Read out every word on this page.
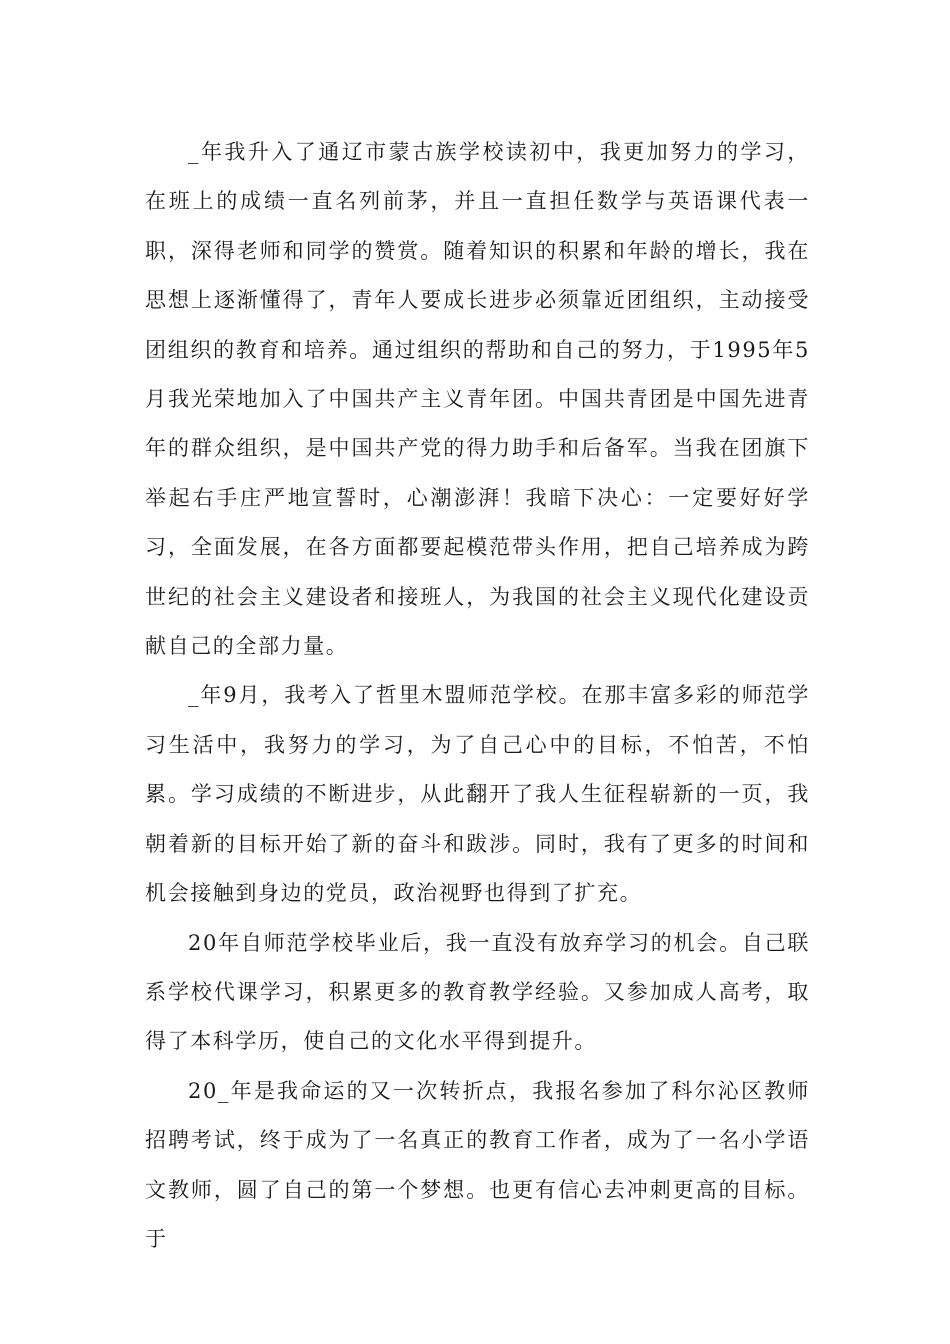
_年我升入了通辽市蒙古族学校读初中，我更加努力的学习，在班上的成绩一直名列前茅，并且一直担任数学与英语课代表一职，深得老师和同学的赞赏。随着知识的积累和年龄的增长，我在思想上逐渐懂得了，青年人要成长进步必须靠近团组织，主动接受团组织的教育和培养。通过组织的帮助和自己的努力，于1995年5月我光荣地加入了中国共产主义青年团。中国共青团是中国先进青年的群众组织，是中国共产党的得力助手和后备军。当我在团旗下举起右手庄严地宣誓时，心潮澎湃！我暗下决心：一定要好好学习，全面发展，在各方面都要起模范带头作用，把自己培养成为跨世纪的社会主义建设者和接班人，为我国的社会主义现代化建设贡献自己的全部力量。

_年9月，我考入了哲里木盟师范学校。在那丰富多彩的师范学习生活中，我努力的学习，为了自己心中的目标，不怕苦，不怕累。学习成绩的不断进步，从此翻开了我人生征程崭新的一页，我朝着新的目标开始了新的奋斗和跋涉。同时，我有了更多的时间和机会接触到身边的党员，政治视野也得到了扩充。

20年自师范学校毕业后，我一直没有放弃学习的机会。自己联系学校代课学习，积累更多的教育教学经验。又参加成人高考，取得了本科学历，使自己的文化水平得到提升。

20_年是我命运的又一次转折点，我报名参加了科尔沁区教师招聘考试，终于成为了一名真正的教育工作者，成为了一名小学语文教师，圆了自己的第一个梦想。也更有信心去冲刺更高的目标。于
